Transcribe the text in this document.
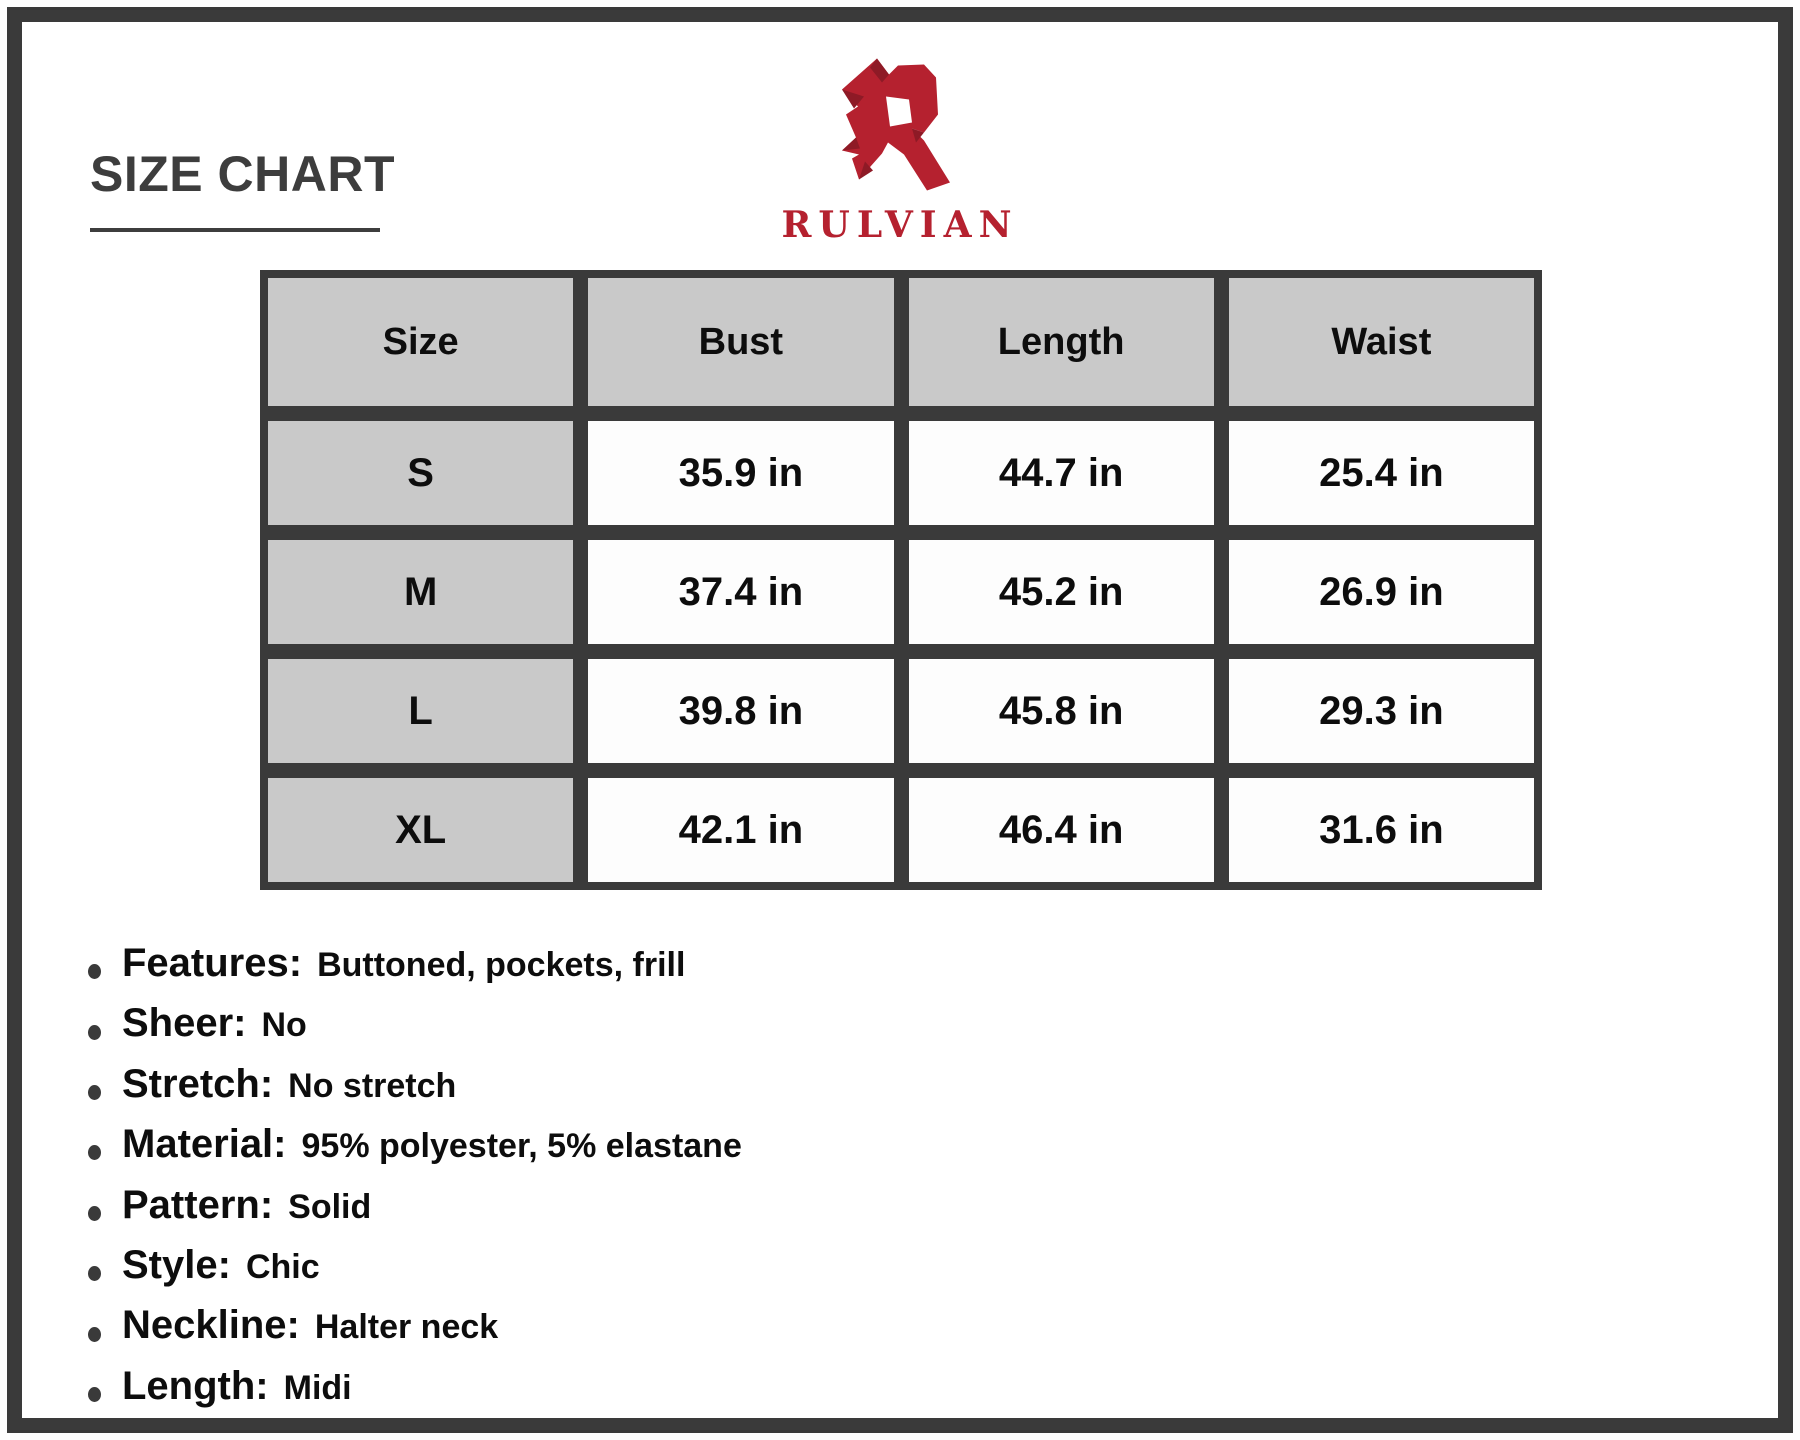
SIZE CHART
RULVIAN
Size	Bust	Length	Waist
S	35.9 in	44.7 in	25.4 in
M	37.4 in	45.2 in	26.9 in
L	39.8 in	45.8 in	29.3 in
XL	42.1 in	46.4 in	31.6 in
Features: Buttoned, pockets, frill
Sheer: No
Stretch: No stretch
Material: 95% polyester, 5% elastane
Pattern: Solid
Style: Chic
Neckline: Halter neck
Length: Midi
